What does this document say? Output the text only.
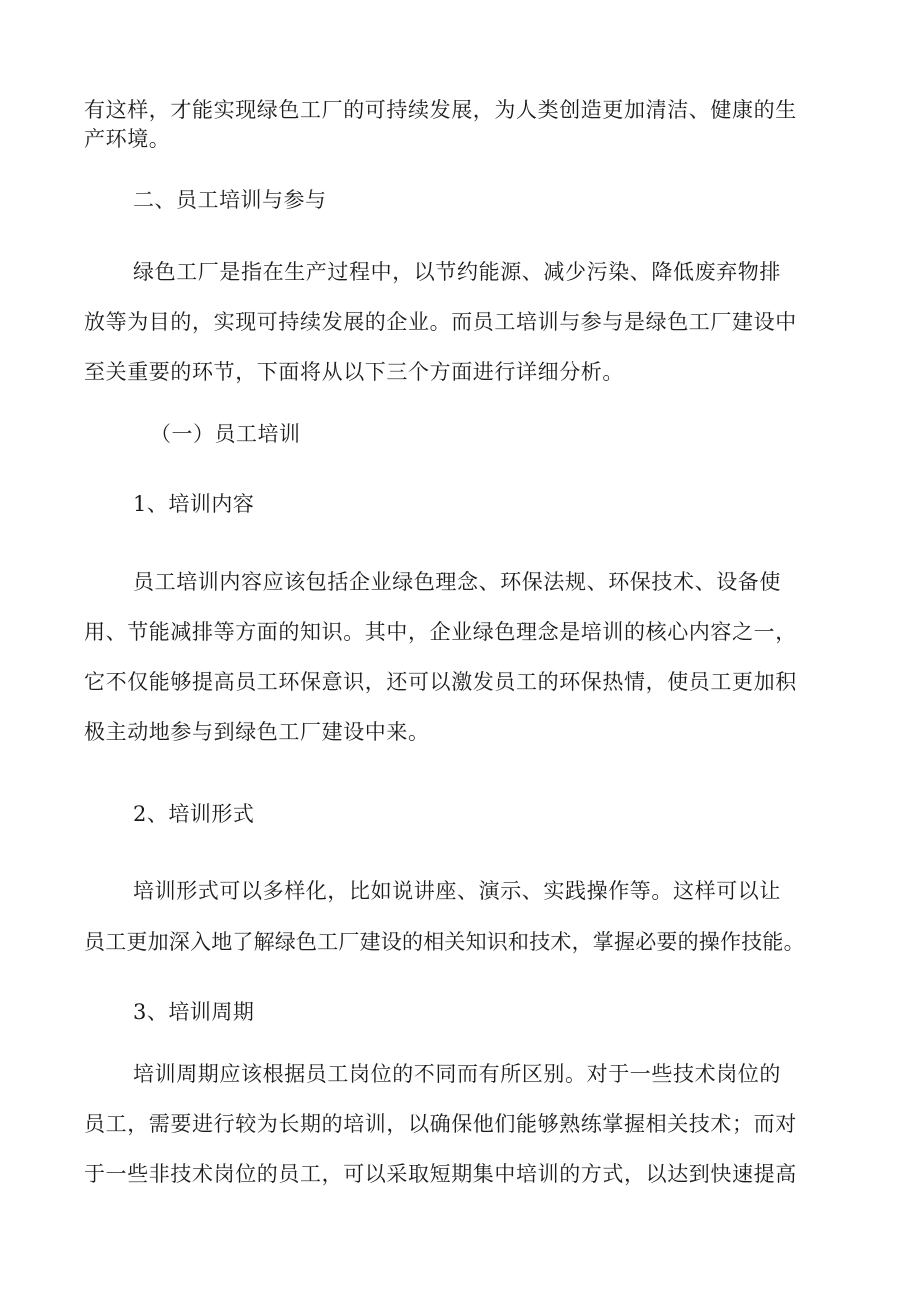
有这样，才能实现绿色工厂的可持续发展，为人类创造更加清洁、健康的生
产环境。
二、员工培训与参与
绿色工厂是指在生产过程中，以节约能源、减少污染、降低废弃物排
放等为目的，实现可持续发展的企业。而员工培训与参与是绿色工厂建设中
至关重要的环节，下面将从以下三个方面进行详细分析。
（一）员工培训
1、培训内容
员工培训内容应该包括企业绿色理念、环保法规、环保技术、设备使
用、节能减排等方面的知识。其中，企业绿色理念是培训的核心内容之一，
它不仅能够提高员工环保意识，还可以激发员工的环保热情，使员工更加积
极主动地参与到绿色工厂建设中来。
2、培训形式
培训形式可以多样化，比如说讲座、演示、实践操作等。这样可以让
员工更加深入地了解绿色工厂建设的相关知识和技术，掌握必要的操作技能。
3、培训周期
培训周期应该根据员工岗位的不同而有所区别。对于一些技术岗位的
员工，需要进行较为长期的培训，以确保他们能够熟练掌握相关技术；而对
于一些非技术岗位的员工，可以采取短期集中培训的方式，以达到快速提高
